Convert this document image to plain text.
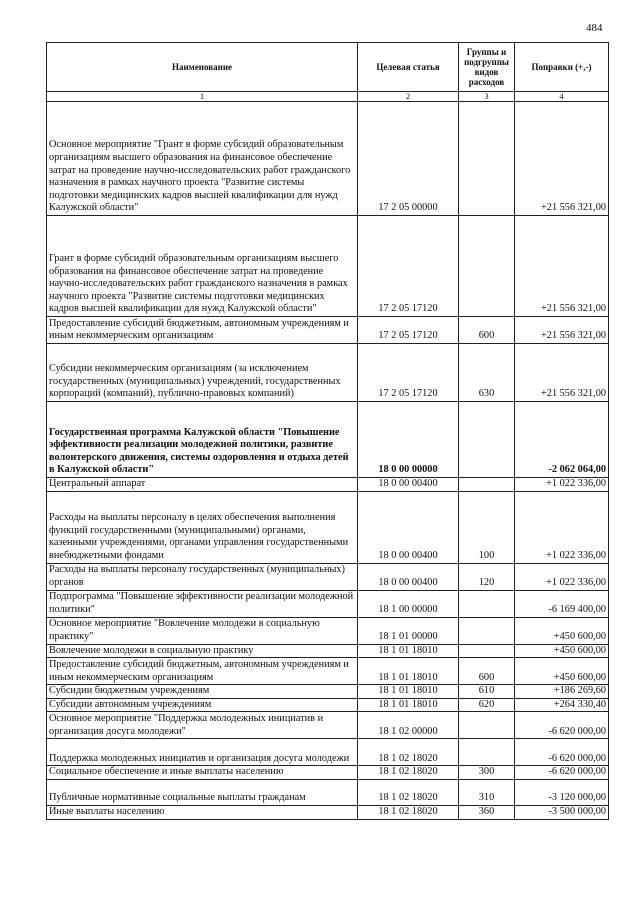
484
Наименование	Целевая статья	Группы и подгруппы видов расходов	Поправки (+,-)
1	2	3	4
Основное мероприятие "Грант в форме субсидий образовательным организациям высшего образования на финансовое обеспечение затрат на проведение научно-исследовательских работ гражданского назначения в рамках научного проекта "Развитие системы подготовки медицинских кадров высшей квалификации для нужд Калужской области"	17 2 05 00000		+21 556 321,00
Грант в форме субсидий образовательным организациям высшего образования на финансовое обеспечение затрат на проведение научно-исследовательских работ гражданского назначения в рамках научного проекта "Развитие системы подготовки медицинских кадров высшей квалификации для нужд Калужской области"	17 2 05 17120		+21 556 321,00
Предоставление субсидий бюджетным, автономным учреждениям и иным некоммерческим организациям	17 2 05 17120	600	+21 556 321,00
Субсидии некоммерческим организациям (за исключением государственных (муниципальных) учреждений, государственных корпораций (компаний), публично-правовых компаний)	17 2 05 17120	630	+21 556 321,00
Государственная программа Калужской области "Повышение эффективности реализации молодежной политики, развитие волонтерского движения, системы оздоровления и отдыха детей в Калужской области"	18 0 00 00000		-2 062 064,00
Центральный аппарат	18 0 00 00400		+1 022 336,00
Расходы на выплаты персоналу в целях обеспечения выполнения функций государственными (муниципальными) органами, казенными учреждениями, органами управления государственными внебюджетными фондами	18 0 00 00400	100	+1 022 336,00
Расходы на выплаты персоналу государственных (муниципальных) органов	18 0 00 00400	120	+1 022 336,00
Подпрограмма "Повышение эффективности реализации молодежной политики"	18 1 00 00000		-6 169 400,00
Основное мероприятие "Вовлечение молодежи в социальную практику"	18 1 01 00000		+450 600,00
Вовлечение молодежи в социальную практику	18 1 01 18010		+450 600,00
Предоставление субсидий бюджетным, автономным учреждениям и иным некоммерческим организациям	18 1 01 18010	600	+450 600,00
Субсидии бюджетным учреждениям	18 1 01 18010	610	+186 269,60
Субсидии автономным учреждениям	18 1 01 18010	620	+264 330,40
Основное мероприятие "Поддержка молодежных инициатив и организация досуга молодежи"	18 1 02 00000		-6 620 000,00
Поддержка молодежных инициатив и организация досуга молодежи	18 1 02 18020		-6 620 000,00
Социальное обеспечение и иные выплаты населению	18 1 02 18020	300	-6 620 000,00
Публичные нормативные социальные выплаты гражданам	18 1 02 18020	310	-3 120 000,00
Иные выплаты населению	18 1 02 18020	360	-3 500 000,00
